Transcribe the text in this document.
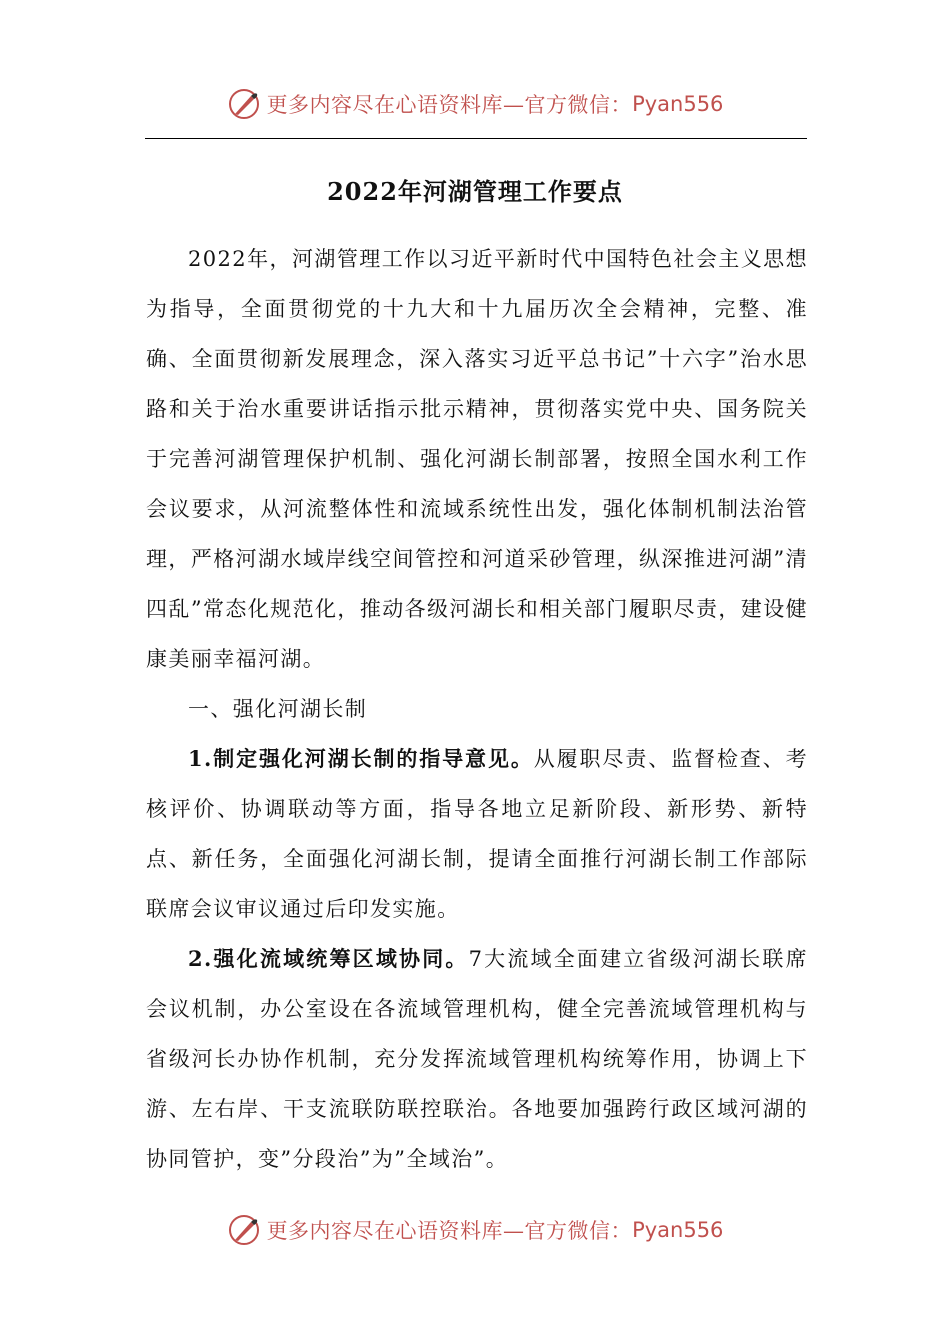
更多内容尽在心语资料库—官方微信： Pyan556
2022年河湖管理工作要点

2022年，河湖管理工作以习近平新时代中国特色社会主义思想为指导，全面贯彻党的十九大和十九届历次全会精神，完整、准确、全面贯彻新发展理念，深入落实习近平总书记”十六字”治水思路和关于治水重要讲话指示批示精神，贯彻落实党中央、国务院关于完善河湖管理保护机制、强化河湖长制部署，按照全国水利工作会议要求，从河流整体性和流域系统性出发，强化体制机制法治管理，严格河湖水域岸线空间管控和河道采砂管理，纵深推进河湖”清四乱”常态化规范化，推动各级河湖长和相关部门履职尽责，建设健康美丽幸福河湖。

一、强化河湖长制

1.制定强化河湖长制的指导意见。从履职尽责、监督检查、考核评价、协调联动等方面，指导各地立足新阶段、新形势、新特点、新任务，全面强化河湖长制，提请全面推行河湖长制工作部际联席会议审议通过后印发实施。

2.强化流域统筹区域协同。7大流域全面建立省级河湖长联席会议机制，办公室设在各流域管理机构，健全完善流域管理机构与省级河长办协作机制，充分发挥流域管理机构统筹作用，协调上下游、左右岸、干支流联防联控联治。各地要加强跨行政区域河湖的协同管护，变”分段治”为”全域治”。

更多内容尽在心语资料库—官方微信： Pyan556
